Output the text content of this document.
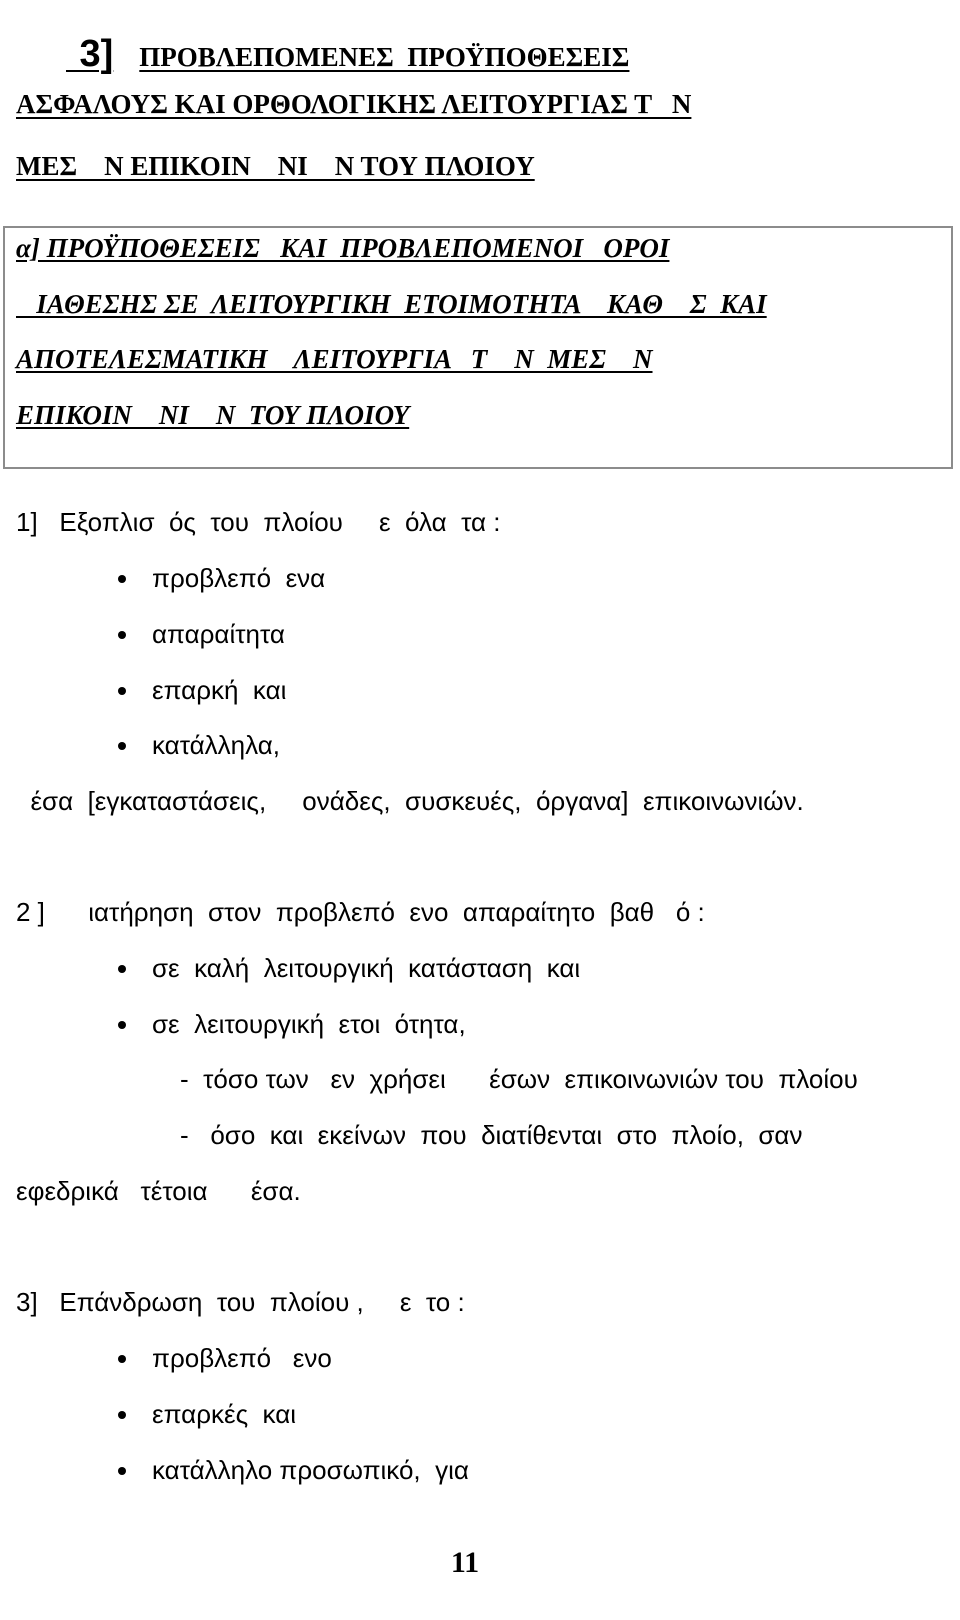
3] ΠΡΟΒΛΕΠΟΜΕΝΕΣ  ΠΡΟΫΠΟΘΕΣΕΙΣ

ΑΣΦΑΛΟΥΣ ΚΑΙ ΟΡΘΟΛΟΓΙΚΗΣ ΛΕΙΤΟΥΡΓΙΑΣ Τ   Ν
ΜΕΣ    Ν ΕΠΙΚΟΙΝ    ΝΙ    Ν ΤΟΥ ΠΛΟΙΟΥ
α] ΠΡΟΫΠΟΘΕΣΕΙΣ   ΚΑΙ  ΠΡΟΒΛΕΠΟΜΕΝΟΙ   ΟΡΟΙ
ΙΑΘΕΣΗΣ ΣΕ  ΛΕΙΤΟΥΡΓΙΚΗ  ΕΤΟΙΜΟΤΗΤΑ    ΚΑΘ    Σ  ΚΑΙ
ΑΠΟΤΕΛΕΣΜΑΤΙΚΗ    ΛΕΙΤΟΥΡΓΙΑ   Τ    Ν  ΜΕΣ    Ν
ΕΠΙΚΟΙΝ    ΝΙ    Ν  ΤΟΥ ΠΛΟΙΟΥ
1]   Εξοπλισ  ός  του  πλοίου     ε  όλα  τα :
προβλεπό  ενα
απαραίτητα
επαρκή  και
κατάλληλα,
έσα  [εγκαταστάσεις,     ονάδες,  συσκευές,  όργανα]  επικοινωνιών.
2 ]      ιατήρηση  στον  προβλεπό  ενο  απαραίτητο  βαθ   ό :
σε  καλή  λειτουργική  κατάσταση  και
σε  λειτουργική  ετοι  ότητα,
-  τόσο των   εν  χρήσει      έσων  επικοινωνιών του  πλοίου
-   όσο  και  εκείνων  που  διατίθενται  στο  πλοίο,  σαν
εφεδρικά   τέτοια      έσα.
3]   Επάνδρωση  του  πλοίου ,     ε  το :
προβλεπό   ενο
επαρκές  και
κατάλληλο προσωπικό,  για
11
